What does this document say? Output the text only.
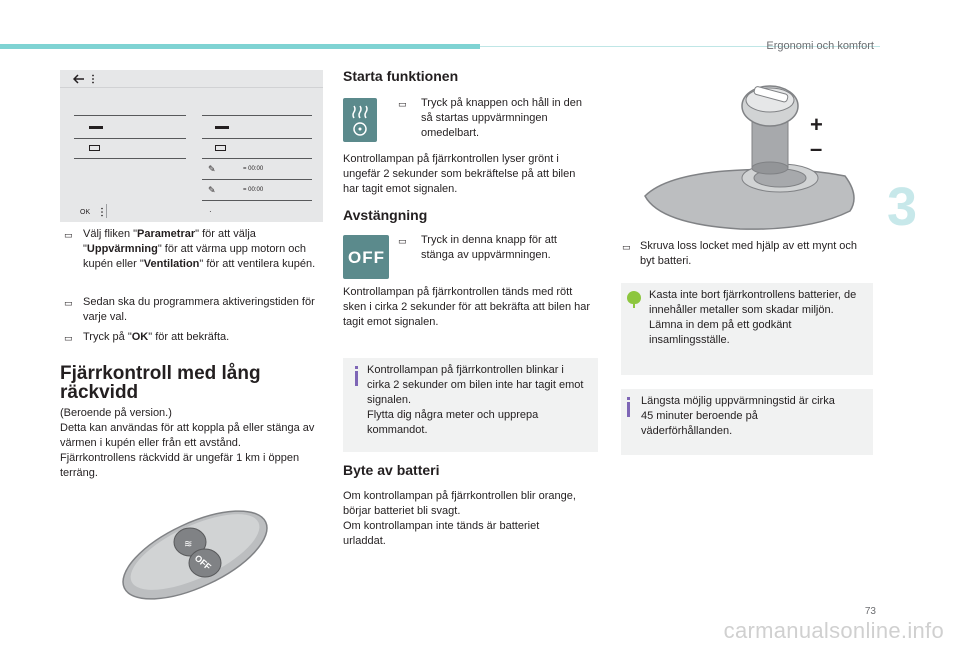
Ergonomi och komfort
3
73
carmanualsonline.info
✎	= 00:00
✎	= 00:00
OK	·
▭ Välj fliken "Parametrar" för att välja "Uppvärmning" för att värma upp motorn och kupén eller "Ventilation" för att ventilera kupén.
▭ Sedan ska du programmera aktiveringstiden för varje val.
▭ Tryck på "OK" för att bekräfta.
Fjärrkontroll med lång
räckvidd
(Beroende på version.)
Detta kan användas för att koppla på eller stänga av värmen i kupén eller från ett avstånd.
Fjärrkontrollens räckvidd är ungefär 1 km i öppen terräng.
≋
OFF
Starta funktionen
▭	Tryck på knappen och håll in den så startas uppvärmningen omedelbart.
Kontrollampan på fjärrkontrollen lyser grönt i ungefär 2 sekunder som bekräftelse på att bilen har tagit emot signalen.
Avstängning
OFF
▭	Tryck in denna knapp för att stänga av uppvärmningen.
Kontrollampan på fjärrkontrollen tänds med rött sken i cirka 2 sekunder för att bekräfta att bilen har tagit emot signalen.
Kontrollampan på fjärrkontrollen blinkar i cirka 2 sekunder om bilen inte har tagit emot signalen.
Flytta dig några meter och upprepa kommandot.
Byte av batteri
Om kontrollampan på fjärrkontrollen blir orange, börjar batteriet bli svagt.
Om kontrollampan inte tänds är batteriet urladdat.
+
–
▭ Skruva loss locket med hjälp av ett mynt och byt batteri.
Kasta inte bort fjärrkontrollens batterier, de innehåller metaller som skadar miljön.
Lämna in dem på ett godkänt insamlingsställe.
Längsta möjlig uppvärmningstid är cirka 45 minuter beroende på väderförhållanden.
